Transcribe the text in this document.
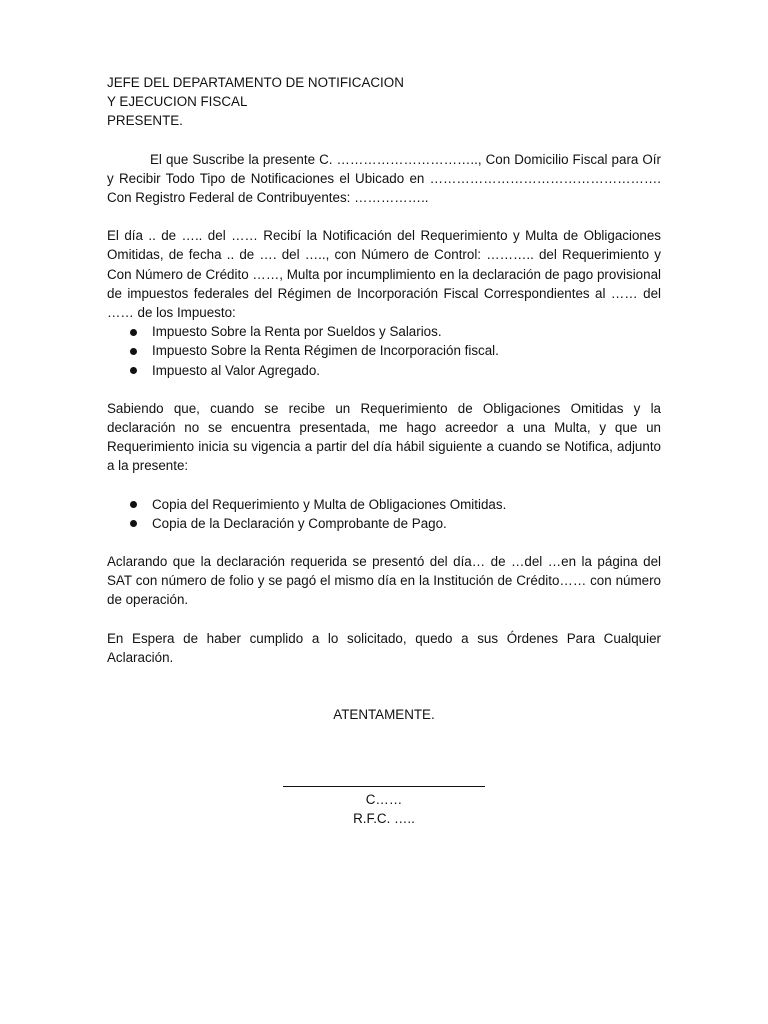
JEFE DEL DEPARTAMENTO DE NOTIFICACION
Y EJECUCION FISCAL
PRESENTE.

El que Suscribe la presente C. ………………………….., Con Domicilio Fiscal para Oír y Recibir Todo Tipo de Notificaciones el Ubicado en ……………………………………………. Con Registro Federal de Contribuyentes: ……………..

El día .. de ….. del …… Recibí la Notificación del Requerimiento y Multa de Obligaciones Omitidas, de fecha .. de …. del ….., con Número de Control: ……….. del Requerimiento y Con Número de Crédito ……, Multa por incumplimiento en la declaración de pago provisional de impuestos federales del Régimen de Incorporación Fiscal Correspondientes al …… del …… de los Impuesto:

Impuesto Sobre la Renta por Sueldos y Salarios.
Impuesto Sobre la Renta Régimen de Incorporación fiscal.
Impuesto al Valor Agregado.

Sabiendo que, cuando se recibe un Requerimiento de Obligaciones Omitidas y la declaración no se encuentra presentada, me hago acreedor a una Multa, y que un Requerimiento inicia su vigencia a partir del día hábil siguiente a cuando se Notifica, adjunto a la presente:

Copia del Requerimiento y Multa de Obligaciones Omitidas.
Copia de la Declaración y Comprobante de Pago.

Aclarando que la declaración requerida se presentó del día… de …del …en la página del SAT con número de folio y se pagó el mismo día en la Institución de Crédito…… con número de operación.

En Espera de haber cumplido a lo solicitado, quedo a sus Órdenes Para Cualquier Aclaración.

ATENTAMENTE.
C……
R.F.C. …..
